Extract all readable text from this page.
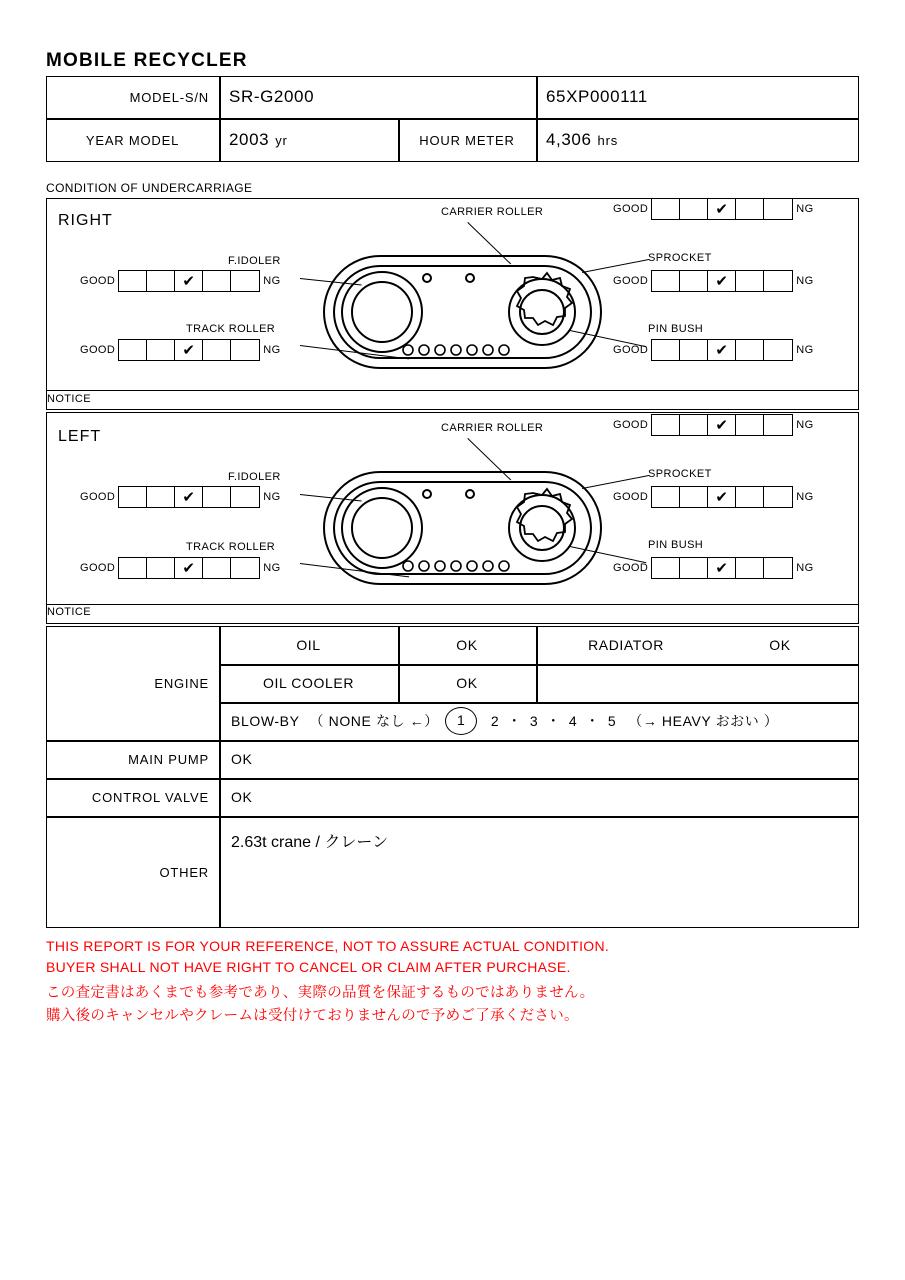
MOBILE RECYCLER
MODEL-S/N SR-G2000	65XP000111
YEAR MODEL	2003 yr	HOUR METER	4,306 hrs
CONDITION OF UNDERCARRIAGE
RIGHT
NOTICE
CARRIER ROLLER	GOOD	✔	NG
F.IDOLER
GOOD	✔	NG
SPROCKET
GOOD	✔	NG
TRACK ROLLER
GOOD	✔	NG
PIN BUSH
GOOD	✔	NG
LEFT
NOTICE
CARRIER ROLLER	GOOD	✔	NG
F.IDOLER
GOOD	✔	NG
SPROCKET
GOOD	✔	NG
TRACK ROLLER
GOOD	✔	NG
PIN BUSH
GOOD	✔	NG
ENGINE
OIL	OK	RADIATOR	OK
OIL COOLER	OK
BLOW-BY （ NONE なし ←）	1	2 ・ 3 ・ 4 ・ 5 （→ HEAVY おおい ）
MAIN PUMP OK
CONTROL VALVE OK
OTHER
2.63t crane / クレーン
THIS REPORT IS FOR YOUR REFERENCE, NOT TO ASSURE ACTUAL CONDITION.
BUYER SHALL NOT HAVE RIGHT TO CANCEL OR CLAIM AFTER PURCHASE.
この査定書はあくまでも参考であり、実際の品質を保証するものではありません。
購入後のキャンセルやクレームは受付けておりませんので予めご了承ください。
